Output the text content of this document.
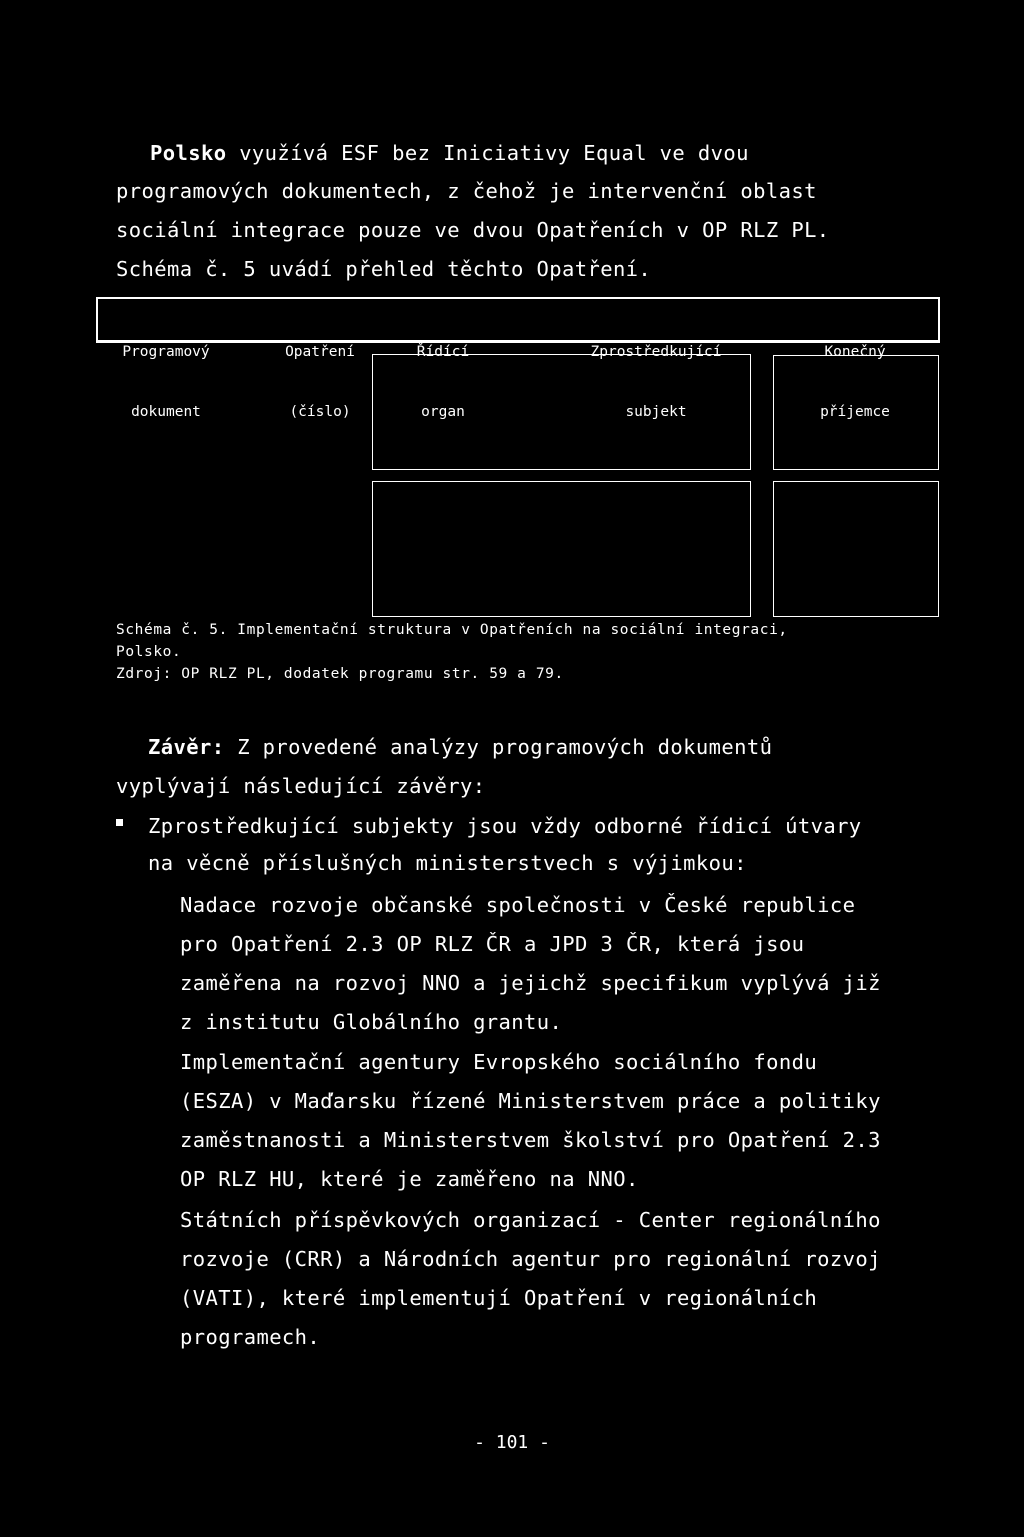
Polsko využívá ESF bez Iniciativy Equal ve dvou
programových dokumentech, z čehož je intervenční oblast
sociální integrace pouze ve dvou Opatřeních v OP RLZ PL.
Schéma č. 5 uvádí přehled těchto Opatření.

Programový

dokument

Opatření

(číslo)

Řídící

organ

Zprostředkující

subjekt

Konečný

příjemce

Schéma č. 5. Implementační struktura v Opatřeních na sociální integraci,
Polsko.
Zdroj: OP RLZ PL, dodatek programu str. 59 a 79.
Závěr: Z provedené analýzy programových dokumentů
vyplývají následující závěry:
Zprostředkující subjekty jsou vždy odborné řídicí útvary
na věcně příslušných ministerstvech s výjimkou:
Nadace rozvoje občanské společnosti v České republice
pro Opatření 2.3 OP RLZ ČR a JPD 3 ČR, která jsou
zaměřena na rozvoj NNO a jejichž specifikum vyplývá již
z institutu Globálního grantu.
Implementační agentury Evropského sociálního fondu
(ESZA) v Maďarsku řízené Ministerstvem práce a politiky
zaměstnanosti a Ministerstvem školství pro Opatření 2.3
OP RLZ HU, které je zaměřeno na NNO.
Státních příspěvkových organizací - Center regionálního
rozvoje (CRR) a Národních agentur pro regionální rozvoj
(VATI), které implementují Opatření v regionálních
programech.
- 101 -
